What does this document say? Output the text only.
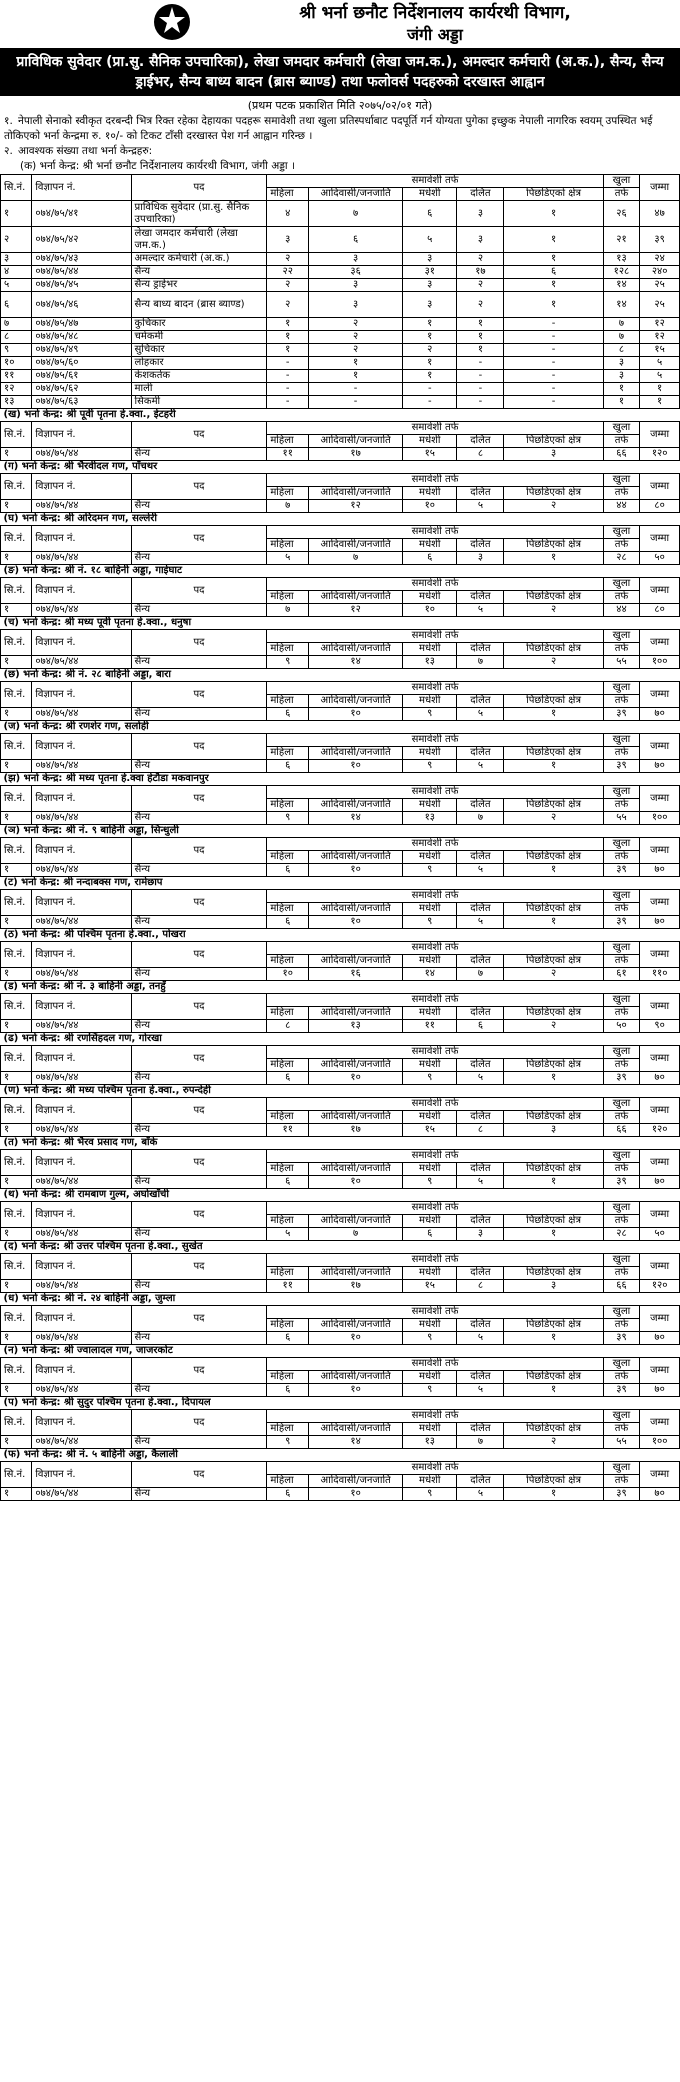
श्री भर्ना छनौट निर्देशनालय कार्यरथी विभाग,
जंगी अड्डा
प्राविधिक सुवेदार (प्रा.सु. सैनिक उपचारिका), लेखा जमदार कर्मचारी (लेखा जम.क.), अमल्दार कर्मचारी (अ.क.), सैन्य, सैन्य ड्राईभर, सैन्य बाध्य बादन (ब्रास ब्याण्ड) तथा फलोवर्स पदहरुको दरखास्त आह्वान
(प्रथम पटक प्रकाशित मिति २०७५/०२/०१ गते)
१. नेपाली सेनाको स्वीकृत दरबन्दी भित्र रिक्त रहेका देहायका पदहरू समावेशी तथा खुला प्रतिस्पर्धाबाट पदपूर्ति गर्न योग्यता पुगेका इच्छुक नेपाली नागरिक स्वयम् उपस्थित भई तोकिएको भर्ना केन्द्रमा रु. १०/- को टिकट टाँसी दरखास्त पेश गर्न आह्वान गरिन्छ ।
२. आवश्यक संख्या तथा भर्ना केन्द्रहरु:
(क) भर्ना केन्द्र: श्री भर्ना छनौट निर्देशनालय कार्यरथी विभाग, जंगी अड्डा ।
सि.नं.	विज्ञापन नं.	पद	समावेशी तर्फ					खुला	जम्मा
			महिला	आदिवासी/जनजाति	मधेशी	दलित	पिछडिएको क्षेत्र	तर्फ	
१	०७४/७५/४१	प्राविधिक सुवेदार (प्रा.सु. सैनिक उपचारिका)	४	७	६	३	१	२६	४७
२	०७४/७५/४२	लेखा जमदार कर्मचारी (लेखा जम.क.)	३	६	५	३	१	२१	३९
३	०७४/७५/४३	अमल्दार कर्मचारी (अ.क.)	२	३	३	२	१	१३	२४
४	०७४/७५/४४	सैन्य	२२	३६	३१	१७	६	१२८	२४०
५	०७४/७५/४५	सैन्य ड्राईभर	२	३	३	२	१	१४	२५
६	०७४/७५/४६	सैन्य बाध्य बादन (ब्रास ब्याण्ड)	२	३	३	२	१	१४	२५
७	०७४/७५/४७	कुचिकार	१	२	१	१	-	७	१२
८	०७४/७५/४८	चर्मकर्मी	१	२	१	१	-	७	१२
९	०७४/७५/४९	सुचिकार	१	२	२	१	-	८	१५
१०	०७४/७५/६०	लोहकार	-	१	१	-	-	३	५
११	०७४/७५/६१	केशकर्तक	-	१	१	-	-	३	५
१२	०७४/७५/६२	माली	-	-	-	-	-	१	१
१३	०७४/७५/६३	सिकर्मी	-	-	-	-	-	१	१
(ख) भर्ना केन्द्र: श्री पूर्वी पृतना हे.क्वा., ईटहरी									
सि.नं.	विज्ञापन नं.	पद	समावेशी तर्फ					खुला	जम्मा
			महिला	आदिवासी/जनजाति	मधेशी	दलित	पिछडिएको क्षेत्र	तर्फ	
१	०७४/७५/४४	सैन्य	११	१७	१५	८	३	६६	१२०
(ग) भर्ना केन्द्र: श्री भैरवीदल गण, पाँचथर									
सि.नं.	विज्ञापन नं.	पद	समावेशी तर्फ					खुला	जम्मा
			महिला	आदिवासी/जनजाति	मधेशी	दलित	पिछडिएको क्षेत्र	तर्फ	
१	०७४/७५/४४	सैन्य	७	१२	१०	५	२	४४	८०
(घ) भर्ना केन्द्र: श्री अरिदमन गण, सल्लेरी									
सि.नं.	विज्ञापन नं.	पद	समावेशी तर्फ					खुला	जम्मा
			महिला	आदिवासी/जनजाति	मधेशी	दलित	पिछडिएको क्षेत्र	तर्फ	
१	०७४/७५/४४	सैन्य	५	७	६	३	१	२८	५०
(ङ) भर्ना केन्द्र: श्री नं. १८ बाहिनी अड्डा, गाईघाट									
सि.नं.	विज्ञापन नं.	पद	समावेशी तर्फ					खुला	जम्मा
			महिला	आदिवासी/जनजाति	मधेशी	दलित	पिछडिएको क्षेत्र	तर्फ	
१	०७४/७५/४४	सैन्य	७	१२	१०	५	२	४४	८०
(च) भर्ना केन्द्र: श्री मध्य पूर्वी पृतना हे.क्वा., धनुषा									
सि.नं.	विज्ञापन नं.	पद	समावेशी तर्फ					खुला	जम्मा
			महिला	आदिवासी/जनजाति	मधेशी	दलित	पिछडिएको क्षेत्र	तर्फ	
१	०७४/७५/४४	सैन्य	९	१४	१३	७	२	५५	१००
(छ) भर्ना केन्द्र: श्री नं. २८ बाहिनी अड्डा, बारा									
सि.नं.	विज्ञापन नं.	पद	समावेशी तर्फ					खुला	जम्मा
			महिला	आदिवासी/जनजाति	मधेशी	दलित	पिछडिएको क्षेत्र	तर्फ	
१	०७४/७५/४४	सैन्य	६	१०	९	५	१	३९	७०
(ज) भर्ना केन्द्र: श्री रणशेर गण, सर्लाही									
सि.नं.	विज्ञापन नं.	पद	समावेशी तर्फ					खुला	जम्मा
			महिला	आदिवासी/जनजाति	मधेशी	दलित	पिछडिएको क्षेत्र	तर्फ	
१	०७४/७५/४४	सैन्य	६	१०	९	५	१	३९	७०
(झ) भर्ना केन्द्र: श्री मध्य पृतना हे.क्वा हेटौडा मकवानपुर									
सि.नं.	विज्ञापन नं.	पद	समावेशी तर्फ					खुला	जम्मा
			महिला	आदिवासी/जनजाति	मधेशी	दलित	पिछडिएको क्षेत्र	तर्फ	
१	०७४/७५/४४	सैन्य	९	१४	१३	७	२	५५	१००
(ञ) भर्ना केन्द्र: श्री नं. ९ बाहिनी अड्डा, सिन्धुली									
सि.नं.	विज्ञापन नं.	पद	समावेशी तर्फ					खुला	जम्मा
			महिला	आदिवासी/जनजाति	मधेशी	दलित	पिछडिएको क्षेत्र	तर्फ	
१	०७४/७५/४४	सैन्य	६	१०	९	५	१	३९	७०
(ट) भर्ना केन्द्र: श्री नन्दाबक्स गण, रामेछाप									
सि.नं.	विज्ञापन नं.	पद	समावेशी तर्फ					खुला	जम्मा
			महिला	आदिवासी/जनजाति	मधेशी	दलित	पिछडिएको क्षेत्र	तर्फ	
१	०७४/७५/४४	सैन्य	६	१०	९	५	१	३९	७०
(ठ) भर्ना केन्द्र: श्री पश्चिम पृतना हे.क्वा., पोखरा									
सि.नं.	विज्ञापन नं.	पद	समावेशी तर्फ					खुला	जम्मा
			महिला	आदिवासी/जनजाति	मधेशी	दलित	पिछडिएको क्षेत्र	तर्फ	
१	०७४/७५/४४	सैन्य	१०	१६	१४	७	२	६१	११०
(ड) भर्ना केन्द्र: श्री नं. ३ बाहिनी अड्डा, तनहुँ									
सि.नं.	विज्ञापन नं.	पद	समावेशी तर्फ					खुला	जम्मा
			महिला	आदिवासी/जनजाति	मधेशी	दलित	पिछडिएको क्षेत्र	तर्फ	
१	०७४/७५/४४	सैन्य	८	१३	११	६	२	५०	९०
(ढ) भर्ना केन्द्र: श्री रणसिंहदल गण, गोरखा									
सि.नं.	विज्ञापन नं.	पद	समावेशी तर्फ					खुला	जम्मा
			महिला	आदिवासी/जनजाति	मधेशी	दलित	पिछडिएको क्षेत्र	तर्फ	
१	०७४/७५/४४	सैन्य	६	१०	९	५	१	३९	७०
(ण) भर्ना केन्द्र: श्री मध्य पश्चिम पृतना हे.क्वा., रुपन्देही									
सि.नं.	विज्ञापन नं.	पद	समावेशी तर्फ					खुला	जम्मा
			महिला	आदिवासी/जनजाति	मधेशी	दलित	पिछडिएको क्षेत्र	तर्फ	
१	०७४/७५/४४	सैन्य	११	१७	१५	८	३	६६	१२०
(त) भर्ना केन्द्र: श्री भैरव प्रसाद गण, बाँके									
सि.नं.	विज्ञापन नं.	पद	समावेशी तर्फ					खुला	जम्मा
			महिला	आदिवासी/जनजाति	मधेशी	दलित	पिछडिएको क्षेत्र	तर्फ	
१	०७४/७५/४४	सैन्य	६	१०	९	५	१	३९	७०
(थ) भर्ना केन्द्र: श्री रामबाण गुल्म, अर्घाखाँची									
सि.नं.	विज्ञापन नं.	पद	समावेशी तर्फ					खुला	जम्मा
			महिला	आदिवासी/जनजाति	मधेशी	दलित	पिछडिएको क्षेत्र	तर्फ	
१	०७४/७५/४४	सैन्य	५	७	६	३	१	२८	५०
(द) भर्ना केन्द्र: श्री उत्तर पश्चिम पृतना हे.क्वा., सुर्खेत									
सि.नं.	विज्ञापन नं.	पद	समावेशी तर्फ					खुला	जम्मा
			महिला	आदिवासी/जनजाति	मधेशी	दलित	पिछडिएको क्षेत्र	तर्फ	
१	०७४/७५/४४	सैन्य	११	१७	१५	८	३	६६	१२०
(ध) भर्ना केन्द्र: श्री नं. २४ बाहिनी अड्डा, जुम्ला									
सि.नं.	विज्ञापन नं.	पद	समावेशी तर्फ					खुला	जम्मा
			महिला	आदिवासी/जनजाति	मधेशी	दलित	पिछडिएको क्षेत्र	तर्फ	
१	०७४/७५/४४	सैन्य	६	१०	९	५	१	३९	७०
(न) भर्ना केन्द्र: श्री ज्वालादल गण, जाजरकोट									
सि.नं.	विज्ञापन नं.	पद	समावेशी तर्फ					खुला	जम्मा
			महिला	आदिवासी/जनजाति	मधेशी	दलित	पिछडिएको क्षेत्र	तर्फ	
१	०७४/७५/४४	सैन्य	६	१०	९	५	१	३९	७०
(प) भर्ना केन्द्र: श्री सुदुर पश्चिम पृतना हे.क्वा., दिपायल									
सि.नं.	विज्ञापन नं.	पद	समावेशी तर्फ					खुला	जम्मा
			महिला	आदिवासी/जनजाति	मधेशी	दलित	पिछडिएको क्षेत्र	तर्फ	
१	०७४/७५/४४	सैन्य	९	१४	१३	७	२	५५	१००
(फ) भर्ना केन्द्र: श्री नं. ५ बाहिनी अड्डा, कैलाली									
सि.नं.	विज्ञापन नं.	पद	समावेशी तर्फ					खुला	जम्मा
			महिला	आदिवासी/जनजाति	मधेशी	दलित	पिछडिएको क्षेत्र	तर्फ	
१	०७४/७५/४४	सैन्य	६	१०	९	५	१	३९	७०
